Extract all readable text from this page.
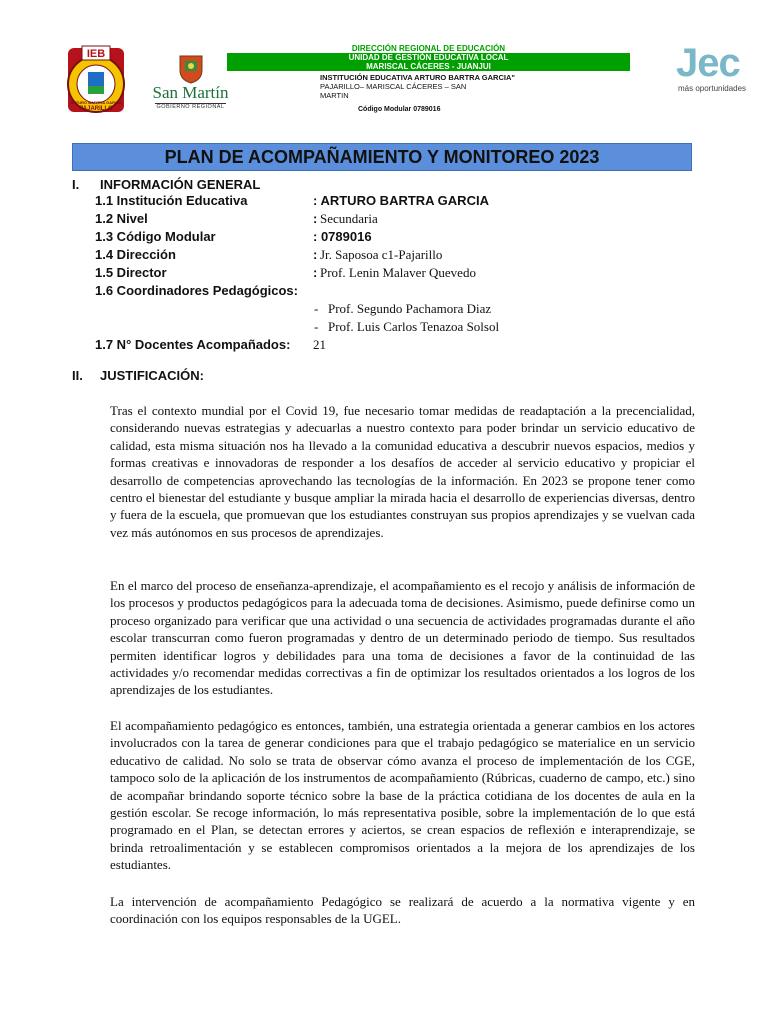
IEB
ARTURO BARTRA GARCIA
PAJARILLO
San Martín
GOBIERNO REGIONAL
Jec
más oportunidades
DIRECCIÓN REGIONAL DE EDUCACIÓN
UNIDAD DE GESTIÓN EDUCATIVA LOCAL
MARISCAL CÁCERES - JUANJUI
INSTITUCIÓN EDUCATIVA ARTURO BARTRA GARCIA"
PAJARILLO– MARISCAL CÁCERES – SAN MARTIN
Código Modular 0789016
PLAN DE ACOMPAÑAMIENTO Y MONITOREO 2023
I. INFORMACIÓN GENERAL
1.1 Institución Educativa	: ARTURO BARTRA GARCIA
1.2 Nivel	: Secundaria
1.3 Código Modular	: 0789016
1.4 Dirección	: Jr. Saposoa c1-Pajarillo
1.5 Director	: Prof. Lenin Malaver Quevedo
1.6 Coordinadores Pedagógicos:
- Prof. Segundo Pachamora Diaz
- Prof. Luis Carlos Tenazoa Solsol
1.7 N° Docentes Acompañados: 21
II. JUSTIFICACIÓN:
Tras el contexto mundial por el Covid 19, fue necesario tomar medidas de readaptación a la precencialidad, considerando nuevas estrategias y adecuarlas a nuestro contexto para poder brindar un servicio educativo de calidad, esta misma situación nos ha llevado a la comunidad educativa a descubrir nuevos espacios, medios y formas creativas e innovadoras de responder a los desafíos de acceder al servicio educativo y propiciar el desarrollo de competencias aprovechando las tecnologías de la información. En 2023 se propone tener como centro el bienestar del estudiante y busque ampliar la mirada hacia el desarrollo de experiencias diversas, dentro y fuera de la escuela, que promuevan que los estudiantes construyan sus propios aprendizajes y se vuelvan cada vez más autónomos en sus procesos de aprendizajes.
En el marco del proceso de enseñanza-aprendizaje, el acompañamiento es el recojo y análisis de información de los procesos y productos pedagógicos para la adecuada toma de decisiones. Asimismo, puede definirse como un proceso organizado para verificar que una actividad o una secuencia de actividades programadas durante el año escolar transcurran como fueron programadas y dentro de un determinado periodo de tiempo. Sus resultados permiten identificar logros y debilidades para una toma de decisiones a favor de la continuidad de las actividades y/o recomendar medidas correctivas a fin de optimizar los resultados orientados a los logros de los aprendizajes de los estudiantes.
El acompañamiento pedagógico es entonces, también, una estrategia orientada a generar cambios en los actores involucrados con la tarea de generar condiciones para que el trabajo pedagógico se materialice en un servicio educativo de calidad. No solo se trata de observar cómo avanza el proceso de implementación de los CGE, tampoco solo de la aplicación de los instrumentos de acompañamiento (Rúbricas, cuaderno de campo, etc.) sino de acompañar brindando soporte técnico sobre la base de la práctica cotidiana de los docentes de aula en la gestión escolar. Se recoge información, lo más representativa posible, sobre la implementación de lo que está programado en el Plan, se detectan errores y aciertos, se crean espacios de reflexión e interaprendizaje, se brinda retroalimentación y se establecen compromisos orientados a la mejora de los aprendizajes de los estudiantes.
La intervención de acompañamiento Pedagógico se realizará de acuerdo a la normativa vigente y en coordinación con los equipos responsables de la UGEL.
